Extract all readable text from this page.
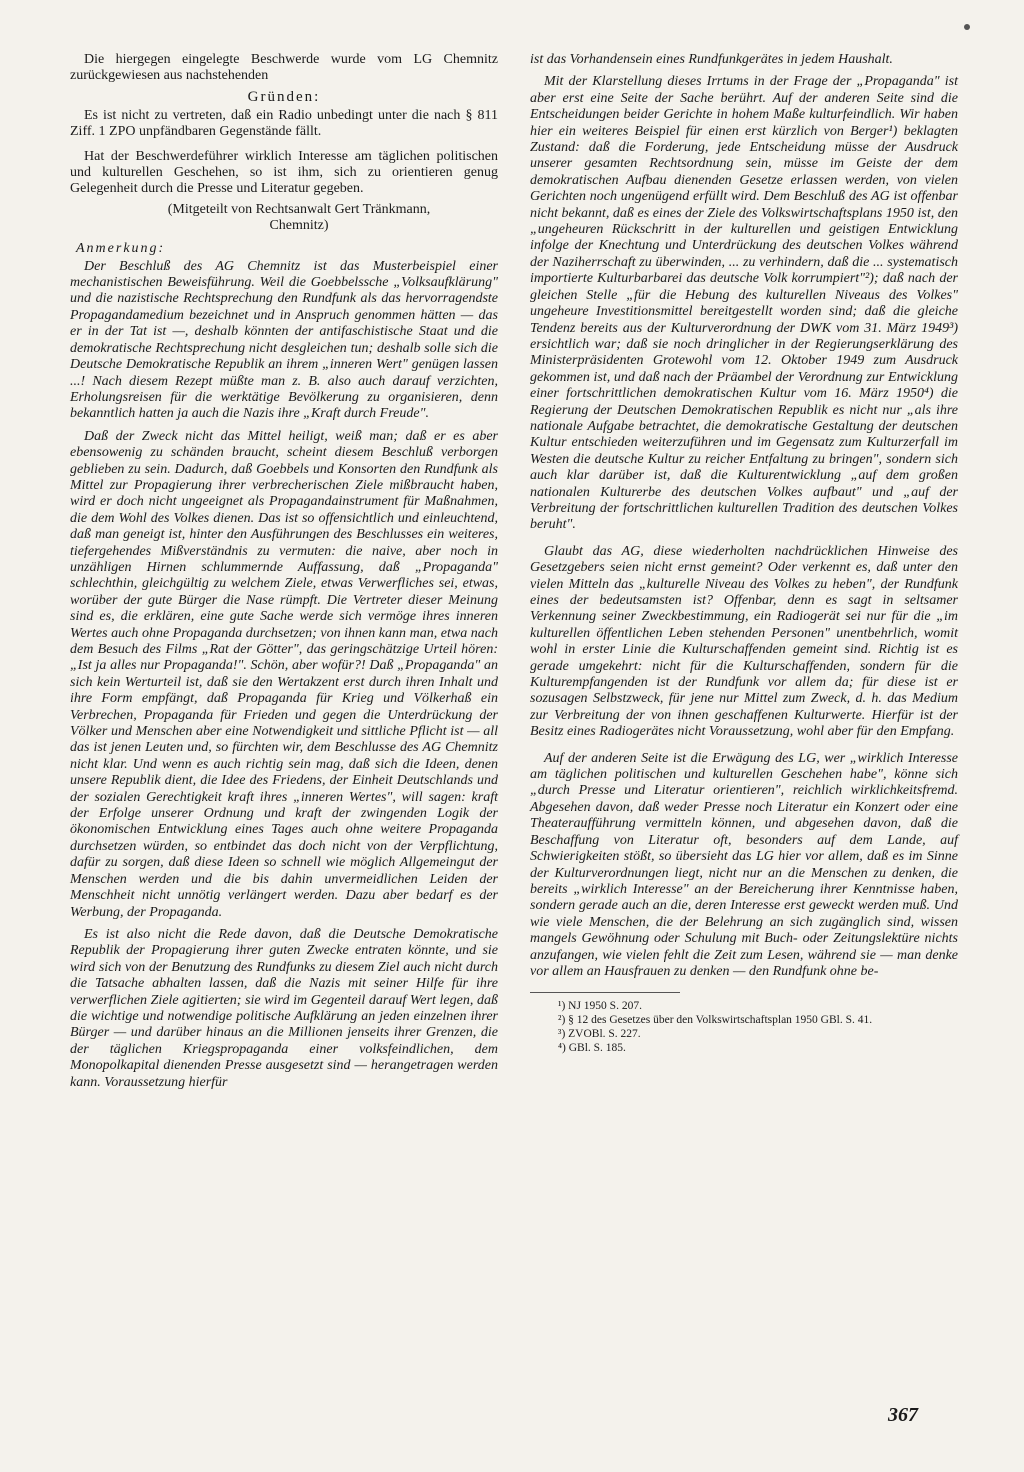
Die hiergegen eingelegte Beschwerde wurde vom LG Chemnitz zurückgewiesen aus nachstehenden

Gründen:

Es ist nicht zu vertreten, daß ein Radio unbedingt unter die nach § 811 Ziff. 1 ZPO unpfändbaren Gegenstände fällt.

Hat der Beschwerdeführer wirklich Interesse am täglichen politischen und kulturellen Geschehen, so ist ihm, sich zu orientieren genug Gelegenheit durch die Presse und Literatur gegeben.

(Mitgeteilt von Rechtsanwalt Gert Tränkmann,
Chemnitz)

Anmerkung:

Der Beschluß des AG Chemnitz ist das Musterbeispiel einer mechanistischen Beweisführung. Weil die Goebbelssche „Volksaufklärung" und die nazistische Rechtsprechung den Rundfunk als das hervorragendste Propagandamedium bezeichnet und in Anspruch genommen hätten — das er in der Tat ist —, deshalb könnten der antifaschistische Staat und die demokratische Rechtsprechung nicht desgleichen tun; deshalb solle sich die Deutsche Demokratische Republik an ihrem „inneren Wert" genügen lassen ...! Nach diesem Rezept müßte man z. B. also auch darauf verzichten, Erholungsreisen für die werktätige Bevölkerung zu organisieren, denn bekanntlich hatten ja auch die Nazis ihre „Kraft durch Freude".

Daß der Zweck nicht das Mittel heiligt, weiß man; daß er es aber ebensowenig zu schänden braucht, scheint diesem Beschluß verborgen geblieben zu sein. Dadurch, daß Goebbels und Konsorten den Rundfunk als Mittel zur Propagierung ihrer verbrecherischen Ziele mißbraucht haben, wird er doch nicht ungeeignet als Propagandainstrument für Maßnahmen, die dem Wohl des Volkes dienen. Das ist so offensichtlich und einleuchtend, daß man geneigt ist, hinter den Ausführungen des Beschlusses ein weiteres, tiefergehendes Mißverständnis zu vermuten: die naive, aber noch in unzähligen Hirnen schlummernde Auffassung, daß „Propaganda" schlechthin, gleichgültig zu welchem Ziele, etwas Verwerfliches sei, etwas, worüber der gute Bürger die Nase rümpft. Die Vertreter dieser Meinung sind es, die erklären, eine gute Sache werde sich vermöge ihres inneren Wertes auch ohne Propaganda durchsetzen; von ihnen kann man, etwa nach dem Besuch des Films „Rat der Götter", das geringschätzige Urteil hören: „Ist ja alles nur Propaganda!". Schön, aber wofür?! Daß „Propaganda" an sich kein Werturteil ist, daß sie den Wertakzent erst durch ihren Inhalt und ihre Form empfängt, daß Propaganda für Krieg und Völkerhaß ein Verbrechen, Propaganda für Frieden und gegen die Unterdrückung der Völker und Menschen aber eine Notwendigkeit und sittliche Pflicht ist — all das ist jenen Leuten und, so fürchten wir, dem Beschlusse des AG Chemnitz nicht klar. Und wenn es auch richtig sein mag, daß sich die Ideen, denen unsere Republik dient, die Idee des Friedens, der Einheit Deutschlands und der sozialen Gerechtigkeit kraft ihres „inneren Wertes", will sagen: kraft der Erfolge unserer Ordnung und kraft der zwingenden Logik der ökonomischen Entwicklung eines Tages auch ohne weitere Propaganda durchsetzen würden, so entbindet das doch nicht von der Verpflichtung, dafür zu sorgen, daß diese Ideen so schnell wie möglich Allgemeingut der Menschen werden und die bis dahin unvermeidlichen Leiden der Menschheit nicht unnötig verlängert werden. Dazu aber bedarf es der Werbung, der Propaganda.

Es ist also nicht die Rede davon, daß die Deutsche Demokratische Republik der Propagierung ihrer guten Zwecke entraten könnte, und sie wird sich von der Benutzung des Rundfunks zu diesem Ziel auch nicht durch die Tatsache abhalten lassen, daß die Nazis mit seiner Hilfe für ihre verwerflichen Ziele agitierten; sie wird im Gegenteil darauf Wert legen, daß die wichtige und notwendige politische Aufklärung an jeden einzelnen ihrer Bürger — und darüber hinaus an die Millionen jenseits ihrer Grenzen, die der täglichen Kriegspropaganda einer volksfeindlichen, dem Monopolkapital dienenden Presse ausgesetzt sind — herangetragen werden kann. Voraussetzung hierfür

ist das Vorhandensein eines Rundfunkgerätes in jedem Haushalt.

Mit der Klarstellung dieses Irrtums in der Frage der „Propaganda" ist aber erst eine Seite der Sache berührt. Auf der anderen Seite sind die Entscheidungen beider Gerichte in hohem Maße kulturfeindlich. Wir haben hier ein weiteres Beispiel für einen erst kürzlich von Berger¹) beklagten Zustand: daß die Forderung, jede Entscheidung müsse der Ausdruck unserer gesamten Rechtsordnung sein, müsse im Geiste der dem demokratischen Aufbau dienenden Gesetze erlassen werden, von vielen Gerichten noch ungenügend erfüllt wird. Dem Beschluß des AG ist offenbar nicht bekannt, daß es eines der Ziele des Volkswirtschaftsplans 1950 ist, den „ungeheuren Rückschritt in der kulturellen und geistigen Entwicklung infolge der Knechtung und Unterdrückung des deutschen Volkes während der Naziherrschaft zu überwinden, ... zu verhindern, daß die ... systematisch importierte Kulturbarbarei das deutsche Volk korrumpiert"²); daß nach der gleichen Stelle „für die Hebung des kulturellen Niveaus des Volkes" ungeheure Investitionsmittel bereitgestellt worden sind; daß die gleiche Tendenz bereits aus der Kulturverordnung der DWK vom 31. März 1949³) ersichtlich war; daß sie noch dringlicher in der Regierungserklärung des Ministerpräsidenten Grotewohl vom 12. Oktober 1949 zum Ausdruck gekommen ist, und daß nach der Präambel der Verordnung zur Entwicklung einer fortschrittlichen demokratischen Kultur vom 16. März 1950⁴) die Regierung der Deutschen Demokratischen Republik es nicht nur „als ihre nationale Aufgabe betrachtet, die demokratische Gestaltung der deutschen Kultur entschieden weiterzuführen und im Gegensatz zum Kulturzerfall im Westen die deutsche Kultur zu reicher Entfaltung zu bringen", sondern sich auch klar darüber ist, daß die Kulturentwicklung „auf dem großen nationalen Kulturerbe des deutschen Volkes aufbaut" und „auf der Verbreitung der fortschrittlichen kulturellen Tradition des deutschen Volkes beruht".

Glaubt das AG, diese wiederholten nachdrücklichen Hinweise des Gesetzgebers seien nicht ernst gemeint? Oder verkennt es, daß unter den vielen Mitteln das „kulturelle Niveau des Volkes zu heben", der Rundfunk eines der bedeutsamsten ist? Offenbar, denn es sagt in seltsamer Verkennung seiner Zweckbestimmung, ein Radiogerät sei nur für die „im kulturellen öffentlichen Leben stehenden Personen" unentbehrlich, womit wohl in erster Linie die Kulturschaffenden gemeint sind. Richtig ist es gerade umgekehrt: nicht für die Kulturschaffenden, sondern für die Kulturempfangenden ist der Rundfunk vor allem da; für diese ist er sozusagen Selbstzweck, für jene nur Mittel zum Zweck, d. h. das Medium zur Verbreitung der von ihnen geschaffenen Kulturwerte. Hierfür ist der Besitz eines Radiogerätes nicht Voraussetzung, wohl aber für den Empfang.

Auf der anderen Seite ist die Erwägung des LG, wer „wirklich Interesse am täglichen politischen und kulturellen Geschehen habe", könne sich „durch Presse und Literatur orientieren", reichlich wirklichkeitsfremd. Abgesehen davon, daß weder Presse noch Literatur ein Konzert oder eine Theateraufführung vermitteln können, und abgesehen davon, daß die Beschaffung von Literatur oft, besonders auf dem Lande, auf Schwierigkeiten stößt, so übersieht das LG hier vor allem, daß es im Sinne der Kulturverordnungen liegt, nicht nur an die Menschen zu denken, die bereits „wirklich Interesse" an der Bereicherung ihrer Kenntnisse haben, sondern gerade auch an die, deren Interesse erst geweckt werden muß. Und wie viele Menschen, die der Belehrung an sich zugänglich sind, wissen mangels Gewöhnung oder Schulung mit Buch- oder Zeitungslektüre nichts anzufangen, wie vielen fehlt die Zeit zum Lesen, während sie — man denke vor allem an Hausfrauen zu denken — den Rundfunk ohne be-

¹) NJ 1950 S. 207.

²) § 12 des Gesetzes über den Volkswirtschaftsplan 1950 GBl. S. 41.

³) ZVOBl. S. 227.

⁴) GBl. S. 185.

367
